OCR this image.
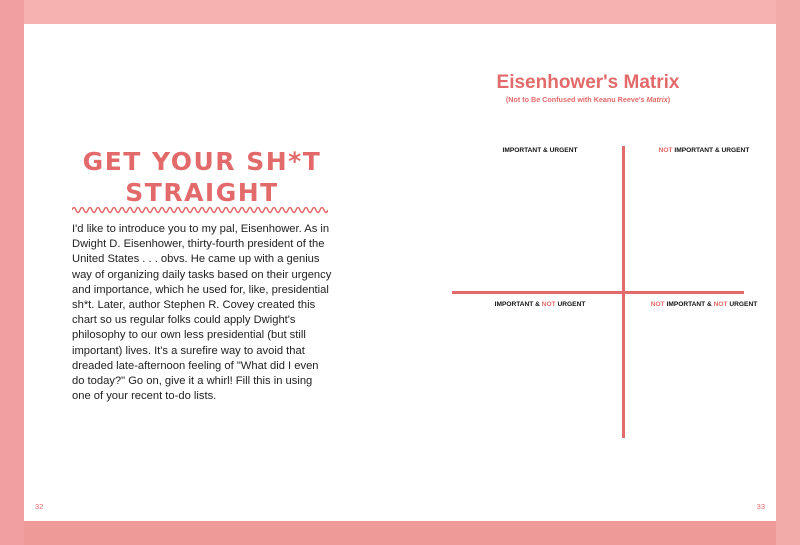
GET YOUR SH*T
STRAIGHT
I'd like to introduce you to my pal, Eisenhower. As in Dwight D. Eisenhower, thirty-fourth president of the United States . . . obvs. He came up with a genius way of organizing daily tasks based on their urgency and importance, which he used for, like, presidential sh*t. Later, author Stephen R. Covey created this chart so us regular folks could apply Dwight's philosophy to our own less presidential (but still important) lives. It's a surefire way to avoid that dreaded late-afternoon feeling of "What did I even do today?" Go on, give it a whirl! Fill this in using one of your recent to-do lists.
32
Eisenhower's Matrix
(Not to Be Confused with Keanu Reeve's Matrix)
IMPORTANT & URGENT	NOT IMPORTANT & URGENT
IMPORTANT & NOT URGENT	NOT IMPORTANT & NOT URGENT
33
